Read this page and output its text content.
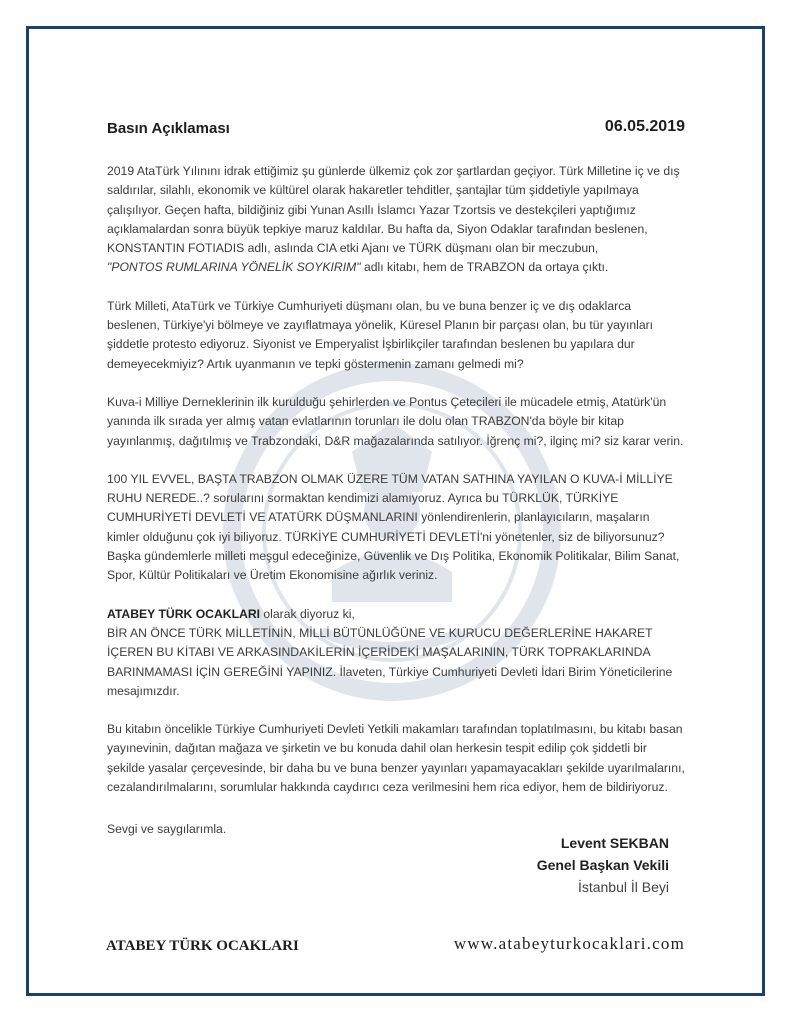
Basın Açıklaması	06.05.2019

2019 AtaTürk Yılınını idrak ettiğimiz şu günlerde ülkemiz çok zor şartlardan geçiyor. Türk Milletine iç ve dış saldırılar, silahlı, ekonomik ve kültürel olarak hakaretler tehditler, şantajlar tüm şiddetiyle yapılmaya çalışılıyor. Geçen hafta, bildiğiniz gibi Yunan Asıllı İslamcı Yazar Tzortsis ve destekçileri yaptığımız açıklamalardan sonra büyük tepkiye maruz kaldılar. Bu hafta da, Siyon Odaklar tarafından beslenen, KONSTANTIN FOTIADIS adlı, aslında CIA etki Ajanı ve TÜRK düşmanı olan bir meczubun,
"PONTOS RUMLARINA YÖNELİK SOYKIRIM" adlı kitabı, hem de TRABZON da ortaya çıktı.

Türk Milleti, AtaTürk ve Türkiye Cumhuriyeti düşmanı olan, bu ve buna benzer iç ve dış odaklarca beslenen, Türkiye'yi bölmeye ve zayıflatmaya yönelik, Küresel Planın bir parçası olan, bu tür yayınları şiddetle protesto ediyoruz. Siyonist ve Emperyalist İşbirlikçiler tarafından beslenen bu yapılara dur demeyecekmiyiz? Artık uyanmanın ve tepki göstermenin zamanı gelmedi mi?

Kuva-i Milliye Derneklerinin ilk kurulduğu şehirlerden ve Pontus Çetecileri ile mücadele etmiş, Atatürk'ün yanında ilk sırada yer almış vatan evlatlarının torunları ile dolu olan TRABZON'da böyle bir kitap yayınlanmış, dağıtılmış ve Trabzondaki, D&R mağazalarında satılıyor. İğrenç mi?, ilginç mi? siz karar verin.

100 YIL EVVEL, BAŞTA TRABZON OLMAK ÜZERE TÜM VATAN SATHINA YAYILAN O KUVA-İ MİLLİYE RUHU NEREDE..? sorularını sormaktan kendimizi alamıyoruz. Ayrıca bu TÜRKLÜK, TÜRKİYE CUMHURİYETİ DEVLETİ VE ATATÜRK DÜŞMANLARINI yönlendirenlerin, planlayıcıların, maşaların kimler olduğunu çok iyi biliyoruz. TÜRKİYE CUMHURİYETİ DEVLETİ'ni yönetenler, siz de biliyorsunuz? Başka gündemlerle milleti meşgul edeceğinize, Güvenlik ve Dış Politika, Ekonomik Politikalar, Bilim Sanat, Spor, Kültür Politikaları ve Üretim Ekonomisine ağırlık veriniz.

ATABEY TÜRK OCAKLARI olarak diyoruz ki,
BİR AN ÖNCE TÜRK MİLLETİNİN, MİLLİ BÜTÜNLÜĞÜNE VE KURUCU DEĞERLERİNE HAKARET İÇEREN BU KİTABI VE ARKASINDAKİLERİN İÇERİDEKİ MAŞALARININ, TÜRK TOPRAKLARINDA BARINMAMASI İÇİN GEREĞİNİ YAPINIZ. İlaveten, Türkiye Cumhuriyeti Devleti İdari Birim Yöneticilerine mesajımızdır.

Bu kitabın öncelikle Türkiye Cumhuriyeti Devleti Yetkili makamları tarafından toplatılmasını, bu kitabı basan yayınevinin, dağıtan mağaza ve şirketin ve bu konuda dahil olan herkesin tespit edilip çok şiddetli bir şekilde yasalar çerçevesinde, bir daha bu ve buna benzer yayınları yapamayacakları şekilde uyarılmalarını, cezalandırılmalarını, sorumlular hakkında caydırıcı ceza verilmesini hem rica ediyor, hem de bildiriyoruz.

Sevgi ve saygılarımla.
Levent SEKBAN
Genel Başkan Vekili
İstanbul İl Beyi
ATABEY TÜRK OCAKLARI	www.atabeyturkocaklari.com
